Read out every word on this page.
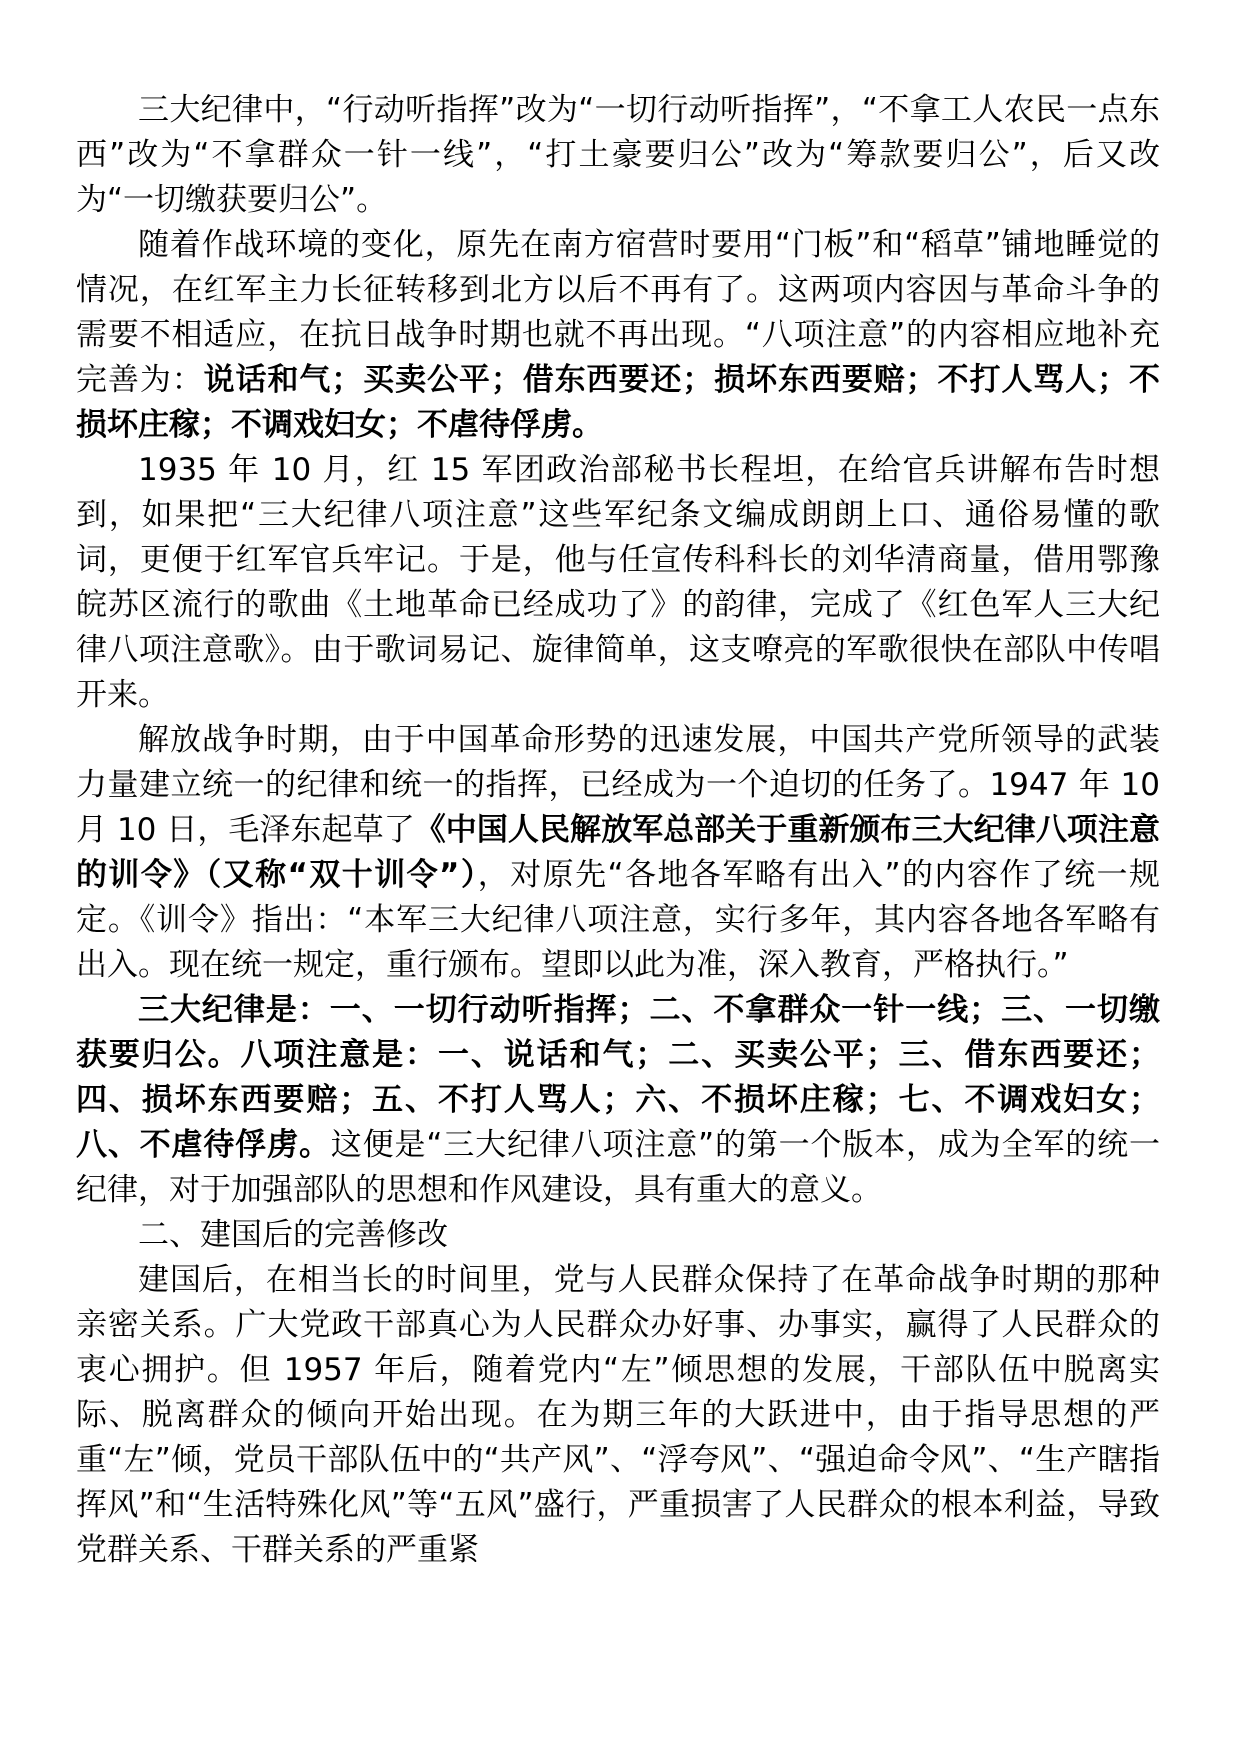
三大纪律中，“行动听指挥”改为“一切行动听指挥”，“不拿工人农民一点东西”改为“不拿群众一针一线”，“打土豪要归公”改为“筹款要归公”，后又改为“一切缴获要归公”。

随着作战环境的变化，原先在南方宿营时要用“门板”和“稻草”铺地睡觉的情况，在红军主力长征转移到北方以后不再有了。这两项内容因与革命斗争的需要不相适应，在抗日战争时期也就不再出现。“八项注意”的内容相应地补充完善为：说话和气；买卖公平；借东西要还；损坏东西要赔；不打人骂人；不损坏庄稼；不调戏妇女；不虐待俘虏。

1935 年 10 月，红 15 军团政治部秘书长程坦，在给官兵讲解布告时想到，如果把“三大纪律八项注意”这些军纪条文编成朗朗上口、通俗易懂的歌词，更便于红军官兵牢记。于是，他与任宣传科科长的刘华清商量，借用鄂豫皖苏区流行的歌曲《土地革命已经成功了》的韵律，完成了《红色军人三大纪律八项注意歌》。由于歌词易记、旋律简单，这支嘹亮的军歌很快在部队中传唱开来。

解放战争时期，由于中国革命形势的迅速发展，中国共产党所领导的武装力量建立统一的纪律和统一的指挥，已经成为一个迫切的任务了。1947 年 10 月 10 日，毛泽东起草了《中国人民解放军总部关于重新颁布三大纪律八项注意的训令》（又称“双十训令”），对原先“各地各军略有出入”的内容作了统一规定。《训令》指出：“本军三大纪律八项注意，实行多年，其内容各地各军略有出入。现在统一规定，重行颁布。望即以此为准，深入教育，严格执行。”

三大纪律是：一、一切行动听指挥；二、不拿群众一针一线；三、一切缴获要归公。八项注意是：一、说话和气；二、买卖公平；三、借东西要还；四、损坏东西要赔；五、不打人骂人；六、不损坏庄稼；七、不调戏妇女；八、不虐待俘虏。这便是“三大纪律八项注意”的第一个版本，成为全军的统一纪律，对于加强部队的思想和作风建设，具有重大的意义。

二、建国后的完善修改

建国后，在相当长的时间里，党与人民群众保持了在革命战争时期的那种亲密关系。广大党政干部真心为人民群众办好事、办事实，赢得了人民群众的衷心拥护。但 1957 年后，随着党内“左”倾思想的发展，干部队伍中脱离实际、脱离群众的倾向开始出现。在为期三年的大跃进中，由于指导思想的严重“左”倾，党员干部队伍中的“共产风”、“浮夸风”、“强迫命令风”、“生产瞎指挥风”和“生活特殊化风”等“五风”盛行，严重损害了人民群众的根本利益，导致党群关系、干群关系的严重紧
